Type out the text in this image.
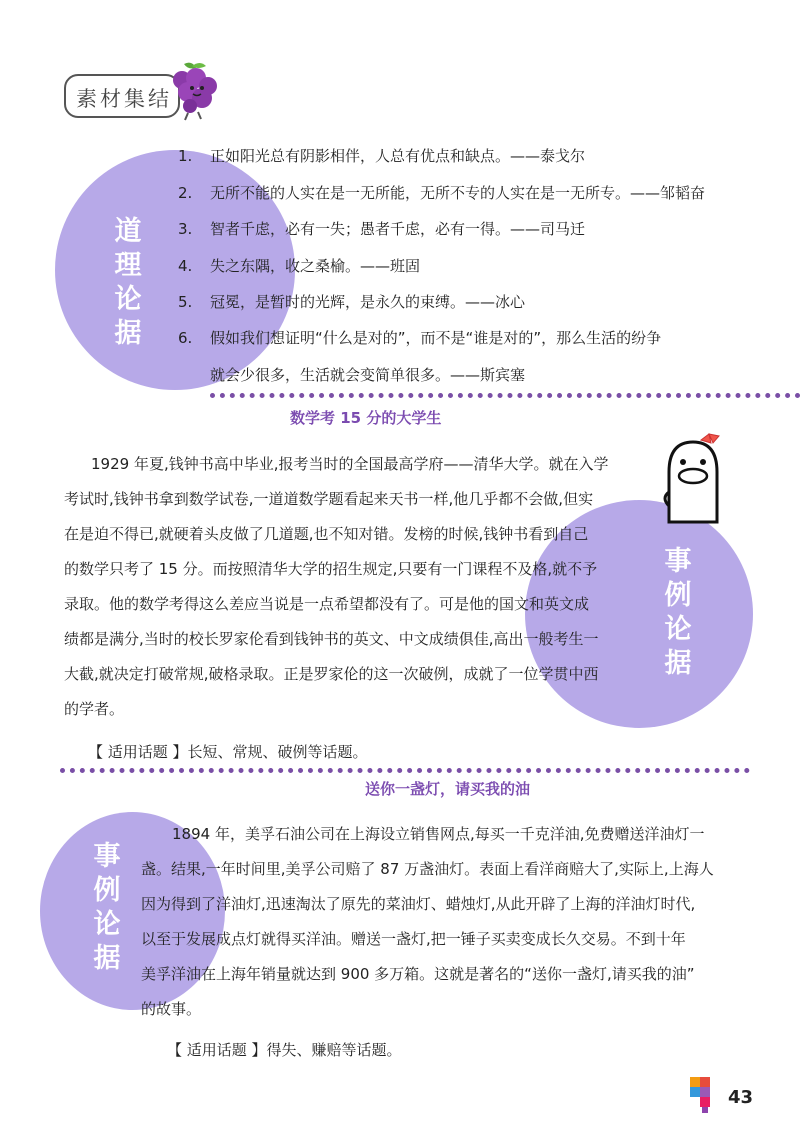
素材集结
道
理
论
据
1. 正如阳光总有阴影相伴，人总有优点和缺点。——泰戈尔
2. 无所不能的人实在是一无所能，无所不专的人实在是一无所专。——邹韬奋
3. 智者千虑，必有一失；愚者千虑，必有一得。——司马迁
4. 失之东隅，收之桑榆。——班固
5. 冠冕，是暂时的光辉，是永久的束缚。——冰心
6. 假如我们想证明“什么是对的”，而不是“谁是对的”，那么生活的纷争
就会少很多，生活就会变简单很多。——斯宾塞
数学考 15 分的大学生
事
例
论
据
1929 年夏,钱钟书高中毕业,报考当时的全国最高学府——清华大学。就在入学
考试时,钱钟书拿到数学试卷,一道道数学题看起来天书一样,他几乎都不会做,但实
在是迫不得已,就硬着头皮做了几道题,也不知对错。发榜的时候,钱钟书看到自己
的数学只考了 15 分。而按照清华大学的招生规定,只要有一门课程不及格,就不予
录取。他的数学考得这么差应当说是一点希望都没有了。可是他的国文和英文成
绩都是满分,当时的校长罗家伦看到钱钟书的英文、中文成绩俱佳,高出一般考生一
大截,就决定打破常规,破格录取。正是罗家伦的这一次破例，成就了一位学贯中西
的学者。
【 适用话题 】长短、常规、破例等话题。
送你一盏灯，请买我的油
事
例
论
据
1894 年，美孚石油公司在上海设立销售网点,每买一千克洋油,免费赠送洋油灯一
盏。结果,一年时间里,美孚公司赔了 87 万盏油灯。表面上看洋商赔大了,实际上,上海人
因为得到了洋油灯,迅速淘汰了原先的菜油灯、蜡烛灯,从此开辟了上海的洋油灯时代,
以至于发展成点灯就得买洋油。赠送一盏灯,把一锤子买卖变成长久交易。不到十年
美孚洋油在上海年销量就达到 900 多万箱。这就是著名的“送你一盏灯,请买我的油”
的故事。
【 适用话题 】得失、赚赔等话题。
43
